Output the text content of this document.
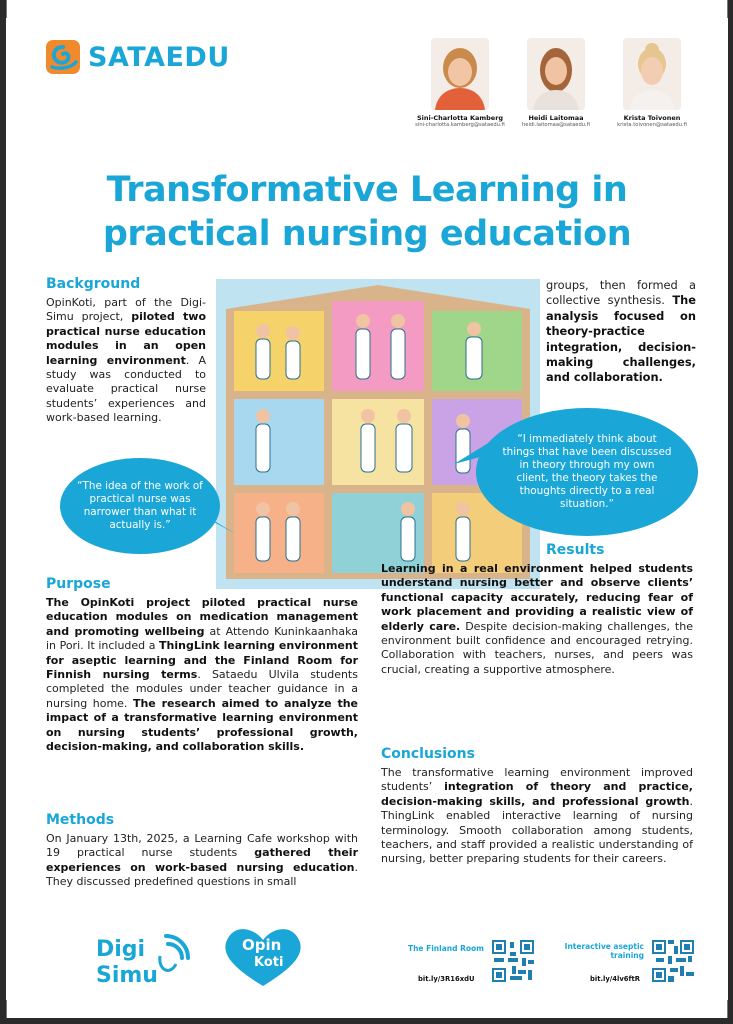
SATAEDU
Sini-Charlotta Kamberg
sini-charlotta.kamberg@sataedu.fi
Heidi Laitomaa
heidi.laitomaa@sataedu.fi
Krista Toivonen
krista.toivonen@sataedu.fi
Transformative Learning in
practical nursing education
Background
OpinKoti, part of the Digi-Simu project, piloted two practical nurse education modules in an open learning environment. A study was conducted to evaluate practical nurse students’ experiences and work-based learning.
“The idea of the work of practical nurse was narrower than what it actually is.”
groups, then formed a collective synthesis. The analysis focused on theory-practice integration, decision-making challenges, and collaboration.
“I immediately think about things that have been discussed in theory through my own client, the theory takes the thoughts directly to a real situation.”
Results
Purpose
The OpinKoti project piloted practical nurse education modules on medication management and promoting wellbeing at Attendo Kuninkaanhaka in Pori. It included a ThingLink learning environment for aseptic learning and the Finland Room for Finnish nursing terms. Sataedu Ulvila students completed the modules under teacher guidance in a nursing home. The research aimed to analyze the impact of a transformative learning environment on nursing students’ professional growth, decision-making, and collaboration skills.
Learning in a real environment helped students understand nursing better and observe clients’ functional capacity accurately, reducing fear of work placement and providing a realistic view of elderly care. Despite decision-making challenges, the environment built confidence and encouraged retrying. Collaboration with teachers, nurses, and peers was crucial, creating a supportive atmosphere.
Methods
On January 13th, 2025, a Learning Cafe workshop with 19 practical nurse students gathered their experiences on work-based nursing education. They discussed predefined questions in small
Conclusions
The transformative learning environment improved students’ integration of theory and practice, decision-making skills, and professional growth. ThingLink enabled interactive learning of nursing terminology. Smooth collaboration among students, teachers, and staff provided a realistic understanding of nursing, better preparing students for their careers.
Digi
Simu
Opin
Koti
The Finland Room
bit.ly/3R16xdU
Interactive aseptic training
bit.ly/4lv6ftR
